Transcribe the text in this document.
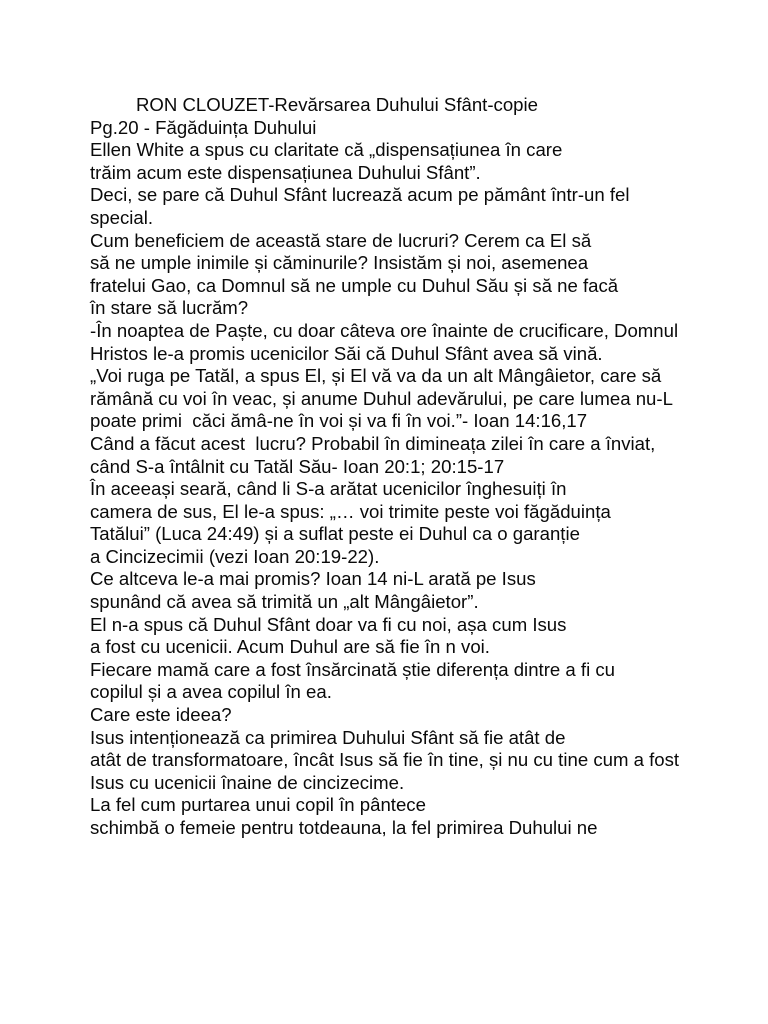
RON CLOUZET-Revărsarea Duhului Sfânt-copie
Pg.20 - Făgăduința Duhului
Ellen White a spus cu claritate că „dispensațiunea în care
trăim acum este dispensațiunea Duhului Sfânt”.
Deci, se pare că Duhul Sfânt lucrează acum pe pământ într-un fel
special.
Cum beneficiem de această stare de lucruri? Cerem ca El să
să ne umple inimile și căminurile? Insistăm și noi, asemenea
fratelui Gao, ca Domnul să ne umple cu Duhul Său și să ne facă
în stare să lucrăm?
-În noaptea de Paște, cu doar câteva ore înainte de crucificare, Domnul
Hristos le-a promis ucenicilor Săi că Duhul Sfânt avea să vină.
„Voi ruga pe Tatăl, a spus El, și El vă va da un alt Mângâietor, care să
rămână cu voi în veac, și anume Duhul adevărului, pe care lumea nu-L
poate primi  căci ămâ-ne în voi și va fi în voi.”- Ioan 14:16,17
Când a făcut acest  lucru? Probabil în dimineața zilei în care a înviat,
când S-a întâlnit cu Tatăl Său- Ioan 20:1; 20:15-17
În aceeași seară, când li S-a arătat ucenicilor înghesuiți în
camera de sus, El le-a spus: „… voi trimite peste voi făgăduința
Tatălui” (Luca 24:49) și a suflat peste ei Duhul ca o garanție
a Cincizecimii (vezi Ioan 20:19-22).
Ce altceva le-a mai promis? Ioan 14 ni-L arată pe Isus
spunând că avea să trimită un „alt Mângâietor”.
El n-a spus că Duhul Sfânt doar va fi cu noi, așa cum Isus
a fost cu ucenicii. Acum Duhul are să fie în n voi.
Fiecare mamă care a fost însărcinată știe diferența dintre a fi cu
copilul și a avea copilul în ea.
Care este ideea?
Isus intenționează ca primirea Duhului Sfânt să fie atât de
atât de transformatoare, încât Isus să fie în tine, și nu cu tine cum a fost
Isus cu ucenicii înaine de cincizecime.
La fel cum purtarea unui copil în pântece
schimbă o femeie pentru totdeauna, la fel primirea Duhului ne
